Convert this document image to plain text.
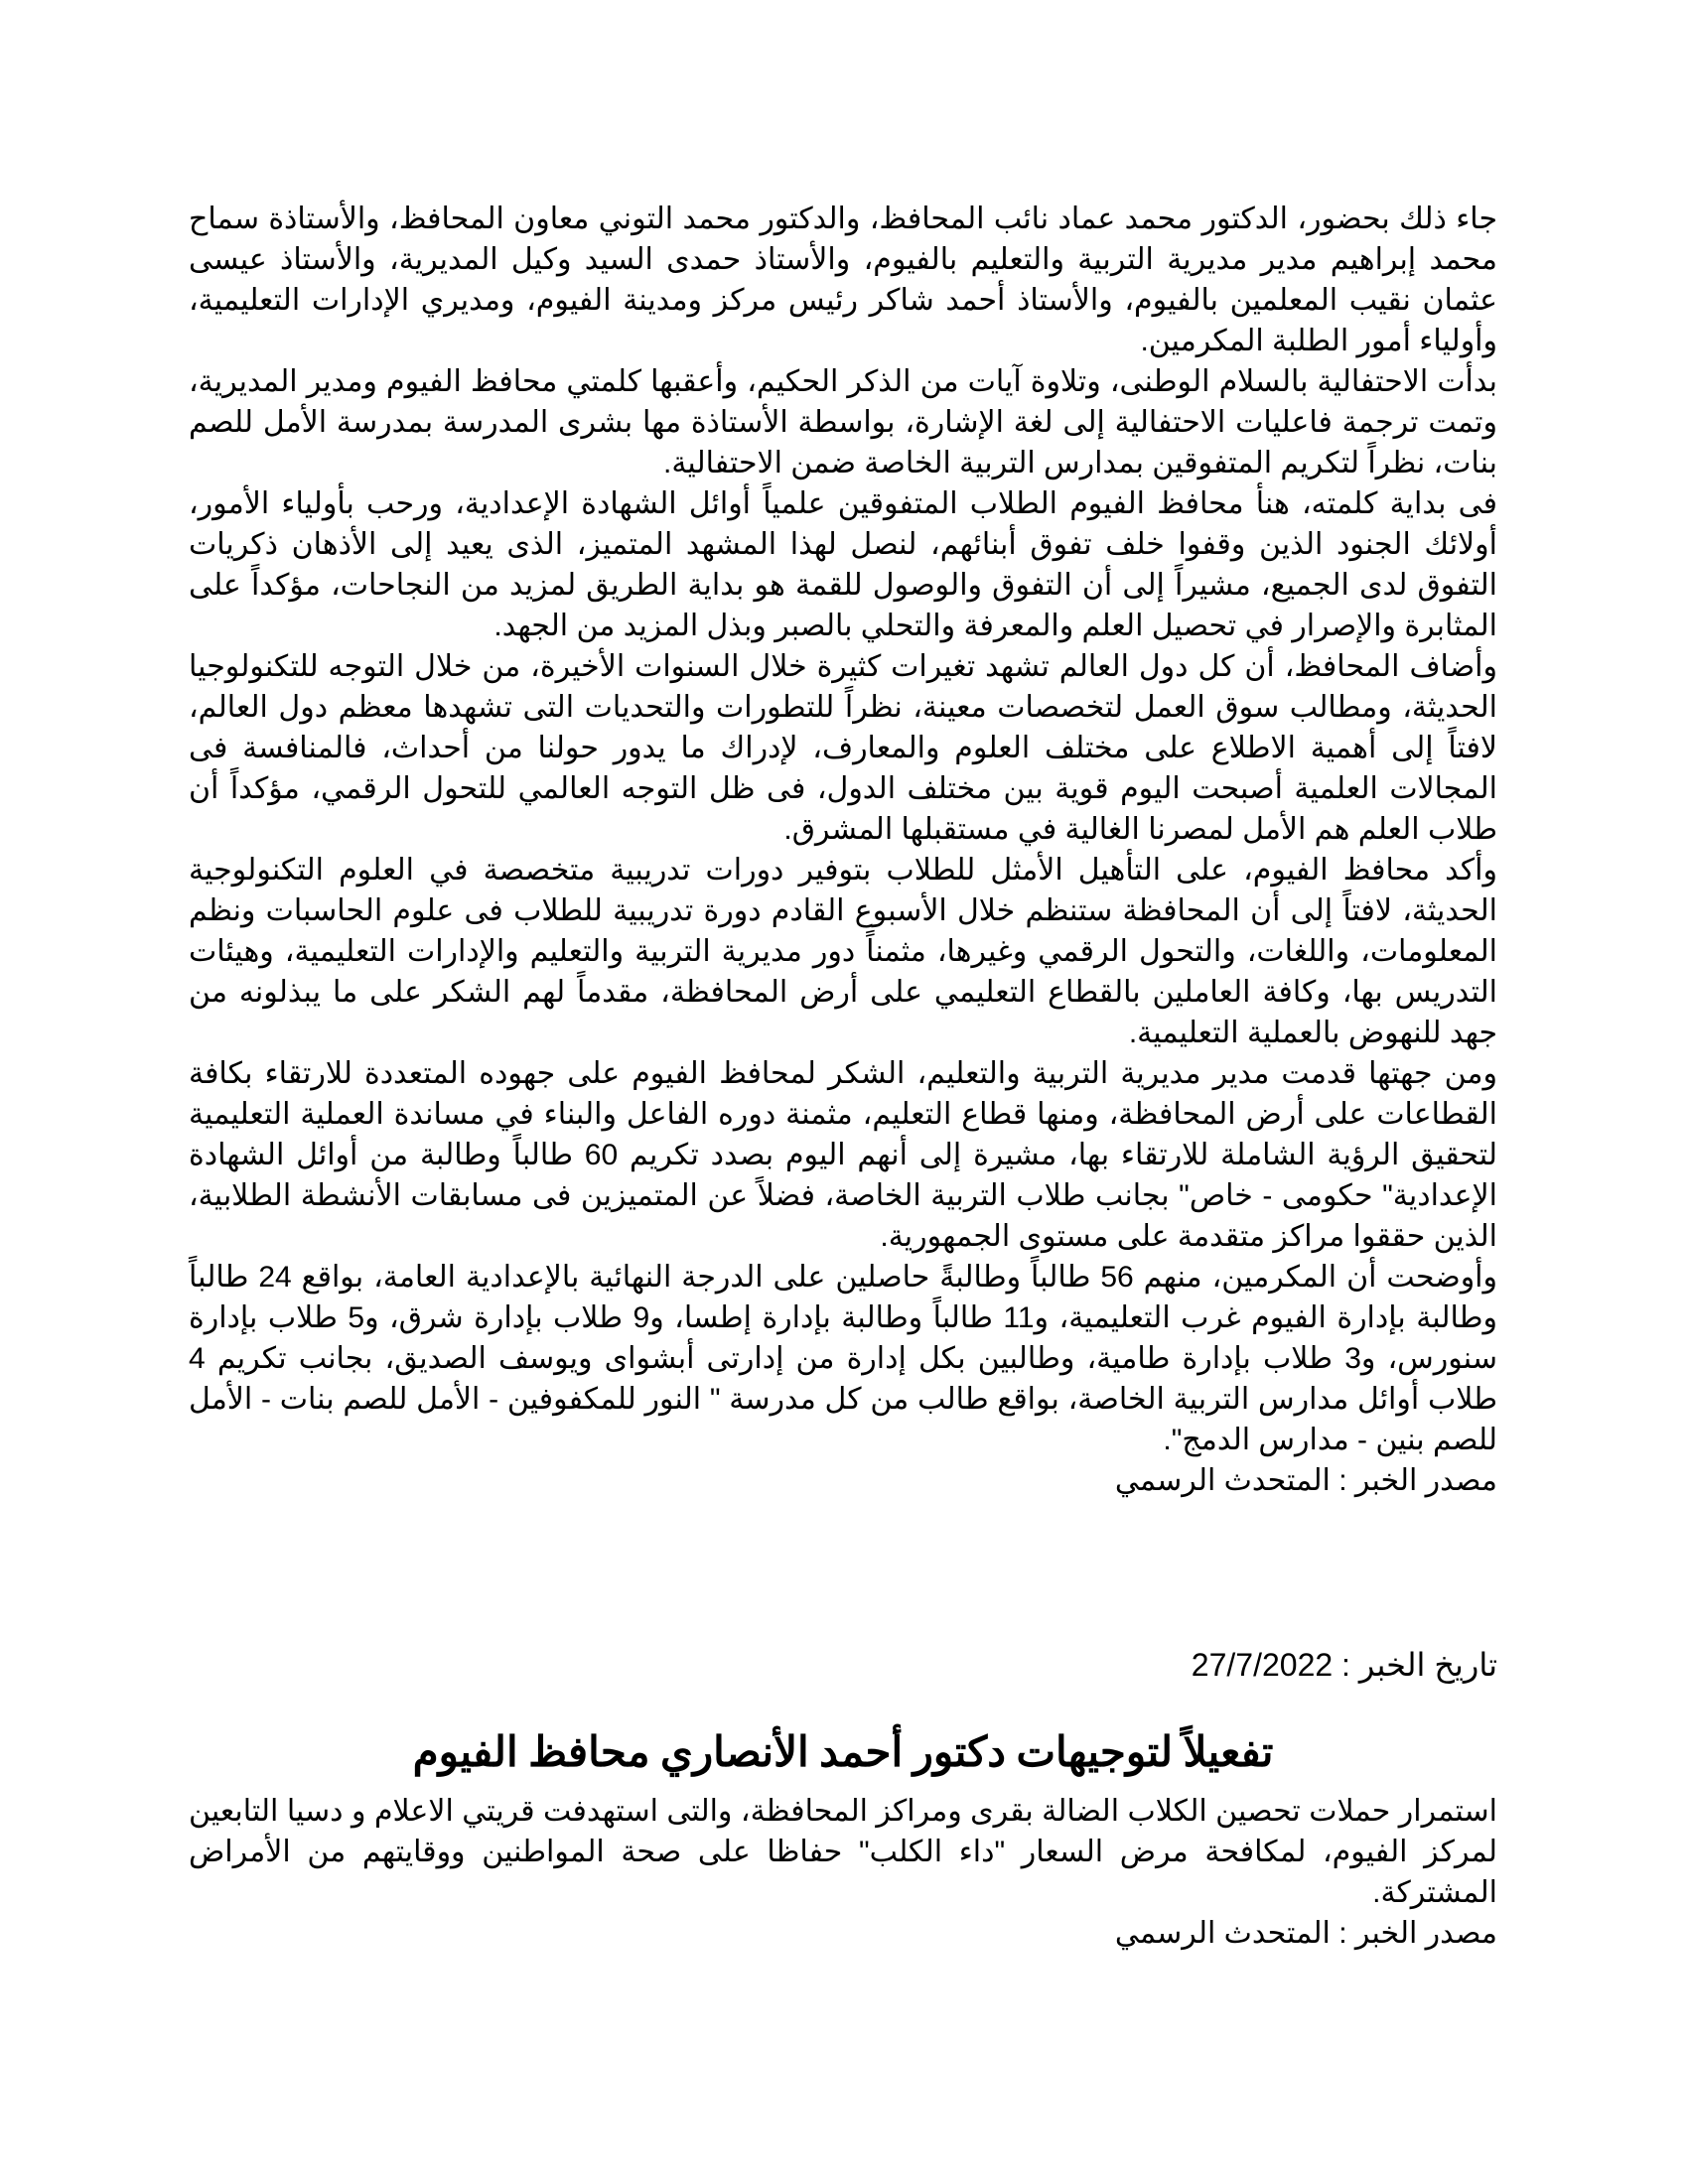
جاء ذلك بحضور، الدكتور محمد عماد نائب المحافظ، والدكتور محمد التوني معاون المحافظ، والأستاذة سماح محمد إبراهيم مدير مديرية التربية والتعليم بالفيوم، والأستاذ حمدى السيد وكيل المديرية، والأستاذ عيسى عثمان نقيب المعلمين بالفيوم، والأستاذ أحمد شاكر رئيس مركز ومدينة الفيوم، ومديري الإدارات التعليمية، وأولياء أمور الطلبة المكرمين.

بدأت الاحتفالية بالسلام الوطنى، وتلاوة آيات من الذكر الحكيم، وأعقبها كلمتي محافظ الفيوم ومدير المديرية، وتمت ترجمة فاعليات الاحتفالية إلى لغة الإشارة، بواسطة الأستاذة مها بشرى المدرسة بمدرسة الأمل للصم بنات، نظراً لتكريم المتفوقين بمدارس التربية الخاصة ضمن الاحتفالية.

فى بداية كلمته، هنأ محافظ الفيوم الطلاب المتفوقين علمياً أوائل الشهادة الإعدادية، ورحب بأولياء الأمور، أولائك الجنود الذين وقفوا خلف تفوق أبنائهم، لنصل لهذا المشهد المتميز، الذى يعيد إلى الأذهان ذكريات التفوق لدى الجميع، مشيراً إلى أن التفوق والوصول للقمة هو بداية الطريق لمزيد من النجاحات، مؤكداً على المثابرة والإصرار في تحصيل العلم والمعرفة والتحلي بالصبر وبذل المزيد من الجهد.

وأضاف المحافظ، أن كل دول العالم تشهد تغيرات كثيرة خلال السنوات الأخيرة، من خلال التوجه للتكنولوجيا الحديثة، ومطالب سوق العمل لتخصصات معينة، نظراً للتطورات والتحديات التى تشهدها معظم دول العالم، لافتاً إلى أهمية الاطلاع على مختلف العلوم والمعارف، لإدراك ما يدور حولنا من أحداث، فالمنافسة فى المجالات العلمية أصبحت اليوم قوية بين مختلف الدول، فى ظل التوجه العالمي للتحول الرقمي، مؤكداً أن طلاب العلم هم الأمل لمصرنا الغالية في مستقبلها المشرق.

وأكد محافظ الفيوم، على التأهيل الأمثل للطلاب بتوفير دورات تدريبية متخصصة في العلوم التكنولوجية الحديثة، لافتاً إلى أن المحافظة ستنظم خلال الأسبوع القادم دورة تدريبية للطلاب فى علوم الحاسبات ونظم المعلومات، واللغات، والتحول الرقمي وغيرها، مثمناً دور مديرية التربية والتعليم والإدارات التعليمية، وهيئات التدريس بها، وكافة العاملين بالقطاع التعليمي على أرض المحافظة، مقدماً لهم الشكر على ما يبذلونه من جهد للنهوض بالعملية التعليمية.

ومن جهتها قدمت مدير مديرية التربية والتعليم، الشكر لمحافظ الفيوم على جهوده المتعددة للارتقاء بكافة القطاعات على أرض المحافظة، ومنها قطاع التعليم، مثمنة دوره الفاعل والبناء في مساندة العملية التعليمية لتحقيق الرؤية الشاملة للارتقاء بها، مشيرة إلى أنهم اليوم بصدد تكريم 60 طالباً وطالبة من أوائل الشهادة الإعدادية" حكومى - خاص" بجانب طلاب التربية الخاصة، فضلاً عن المتميزين فى مسابقات الأنشطة الطلابية، الذين حققوا مراكز متقدمة على مستوى الجمهورية.

وأوضحت أن المكرمين، منهم 56 طالباً وطالبةً حاصلين على الدرجة النهائية بالإعدادية العامة، بواقع 24 طالباً وطالبة بإدارة الفيوم غرب التعليمية، و11 طالباً وطالبة بإدارة إطسا، و9 طلاب بإدارة شرق، و5 طلاب بإدارة سنورس، و3 طلاب بإدارة طامية، وطالبين بكل إدارة من إدارتى أبشواى ويوسف الصديق، بجانب تكريم 4 طلاب أوائل مدارس التربية الخاصة، بواقع طالب من كل مدرسة " النور للمكفوفين - الأمل للصم بنات - الأمل للصم بنين - مدارس الدمج".

مصدر الخبر : المتحدث الرسمي

تاريخ الخبر : 27/7/2022
تفعيلاً لتوجيهات دكتور أحمد الأنصاري محافظ الفيوم

استمرار حملات تحصين الكلاب الضالة بقرى ومراكز المحافظة، والتى استهدفت قريتي الاعلام و دسيا التابعين لمركز الفيوم، لمكافحة مرض السعار "داء الكلب" حفاظا على صحة المواطنين ووقايتهم من الأمراض المشتركة.

مصدر الخبر : المتحدث الرسمي
